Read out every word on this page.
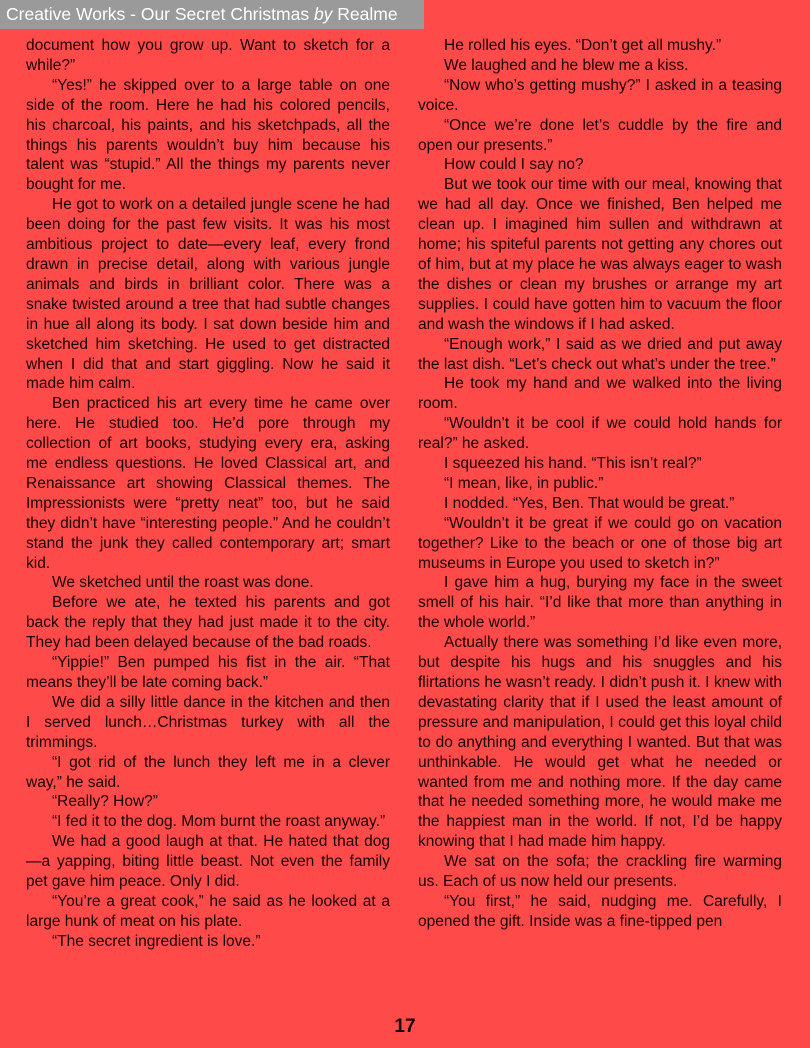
Creative Works - Our Secret Christmas by Realme

document how you grow up. Want to sketch for a while?”

“Yes!” he skipped over to a large table on one side of the room. Here he had his colored pencils, his charcoal, his paints, and his sketchpads, all the things his parents wouldn’t buy him because his talent was “stupid.” All the things my parents never bought for me.

He got to work on a detailed jungle scene he had been doing for the past few visits. It was his most ambitious project to date—every leaf, every frond drawn in precise detail, along with various jungle animals and birds in brilliant color. There was a snake twisted around a tree that had subtle changes in hue all along its body. I sat down beside him and sketched him sketching. He used to get distracted when I did that and start giggling. Now he said it made him calm.

Ben practiced his art every time he came over here. He studied too. He’d pore through my collection of art books, studying every era, asking me endless questions. He loved Classical art, and Renaissance art showing Classical themes. The Impressionists were “pretty neat” too, but he said they didn’t have “interesting people.” And he couldn’t stand the junk they called contemporary art; smart kid.

We sketched until the roast was done.

Before we ate, he texted his parents and got back the reply that they had just made it to the city. They had been delayed because of the bad roads.

“Yippie!” Ben pumped his fist in the air. “That means they’ll be late coming back.”

We did a silly little dance in the kitchen and then I served lunch…Christmas turkey with all the trimmings.

“I got rid of the lunch they left me in a clever way,” he said.

“Really? How?”

“I fed it to the dog. Mom burnt the roast anyway.”

We had a good laugh at that. He hated that dog—a yapping, biting little beast. Not even the family pet gave him peace. Only I did.

“You’re a great cook,” he said as he looked at a large hunk of meat on his plate.

“The secret ingredient is love.”

He rolled his eyes. “Don’t get all mushy.”

We laughed and he blew me a kiss.

“Now who’s getting mushy?” I asked in a teasing voice.

“Once we’re done let’s cuddle by the fire and open our presents.”

How could I say no?

But we took our time with our meal, knowing that we had all day. Once we finished, Ben helped me clean up. I imagined him sullen and withdrawn at home; his spiteful parents not getting any chores out of him, but at my place he was always eager to wash the dishes or clean my brushes or arrange my art supplies. I could have gotten him to vacuum the floor and wash the windows if I had asked.

“Enough work,” I said as we dried and put away the last dish. “Let’s check out what’s under the tree.”

He took my hand and we walked into the living room.

“Wouldn’t it be cool if we could hold hands for real?” he asked.

I squeezed his hand. “This isn’t real?”

“I mean, like, in public.”

I nodded. “Yes, Ben. That would be great.”

“Wouldn’t it be great if we could go on vacation together? Like to the beach or one of those big art museums in Europe you used to sketch in?”

I gave him a hug, burying my face in the sweet smell of his hair. “I’d like that more than anything in the whole world.”

Actually there was something I’d like even more, but despite his hugs and his snuggles and his flirtations he wasn’t ready. I didn’t push it. I knew with devastating clarity that if I used the least amount of pressure and manipulation, I could get this loyal child to do anything and everything I wanted. But that was unthinkable. He would get what he needed or wanted from me and nothing more. If the day came that he needed something more, he would make me the happiest man in the world. If not, I’d be happy knowing that I had made him happy.

We sat on the sofa; the crackling fire warming us. Each of us now held our presents.

“You first,” he said, nudging me. Carefully, I opened the gift. Inside was a fine-tipped pen

17
